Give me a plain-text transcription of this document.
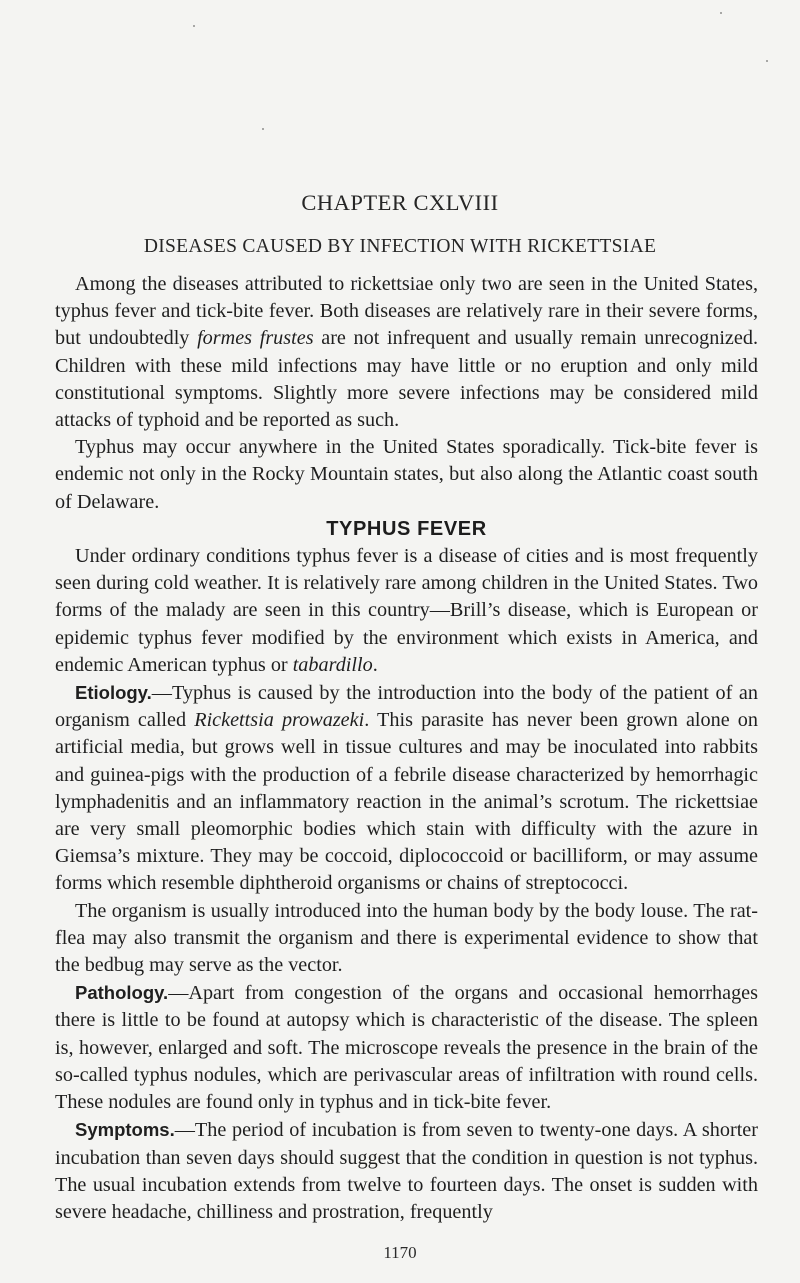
CHAPTER CXLVIII
DISEASES CAUSED BY INFECTION WITH RICKETTSIAE

Among the diseases attributed to rickettsiae only two are seen in the United States, typhus fever and tick-bite fever. Both diseases are relatively rare in their severe forms, but undoubtedly formes frustes are not infrequent and usually remain unrecognized. Children with these mild infections may have little or no eruption and only mild constitutional symptoms. Slightly more severe infections may be considered mild attacks of typhoid and be reported as such.

Typhus may occur anywhere in the United States sporadically. Tick-bite fever is endemic not only in the Rocky Mountain states, but also along the Atlantic coast south of Delaware.

TYPHUS FEVER

Under ordinary conditions typhus fever is a disease of cities and is most frequently seen during cold weather. It is relatively rare among children in the United States. Two forms of the malady are seen in this country—Brill’s disease, which is European or epidemic typhus fever modified by the environment which exists in America, and endemic American typhus or tabardillo.

Etiology.—Typhus is caused by the introduction into the body of the patient of an organism called Rickettsia prowazeki. This parasite has never been grown alone on artificial media, but grows well in tissue cultures and may be inoculated into rabbits and guinea-pigs with the production of a febrile disease characterized by hemorrhagic lymphadenitis and an inflammatory reaction in the animal’s scrotum. The rickettsiae are very small pleomorphic bodies which stain with difficulty with the azure in Giemsa’s mixture. They may be coccoid, diplococcoid or bacilliform, or may assume forms which resemble diphtheroid organisms or chains of streptococci.

The organism is usually introduced into the human body by the body louse. The rat-flea may also transmit the organism and there is experimental evidence to show that the bedbug may serve as the vector.

Pathology.—Apart from congestion of the organs and occasional hemorrhages there is little to be found at autopsy which is characteristic of the disease. The spleen is, however, enlarged and soft. The microscope reveals the presence in the brain of the so-called typhus nodules, which are perivascular areas of infiltration with round cells. These nodules are found only in typhus and in tick-bite fever.

Symptoms.—The period of incubation is from seven to twenty-one days. A shorter incubation than seven days should suggest that the condition in question is not typhus. The usual incubation extends from twelve to fourteen days. The onset is sudden with severe headache, chilliness and prostration, frequently

1170
